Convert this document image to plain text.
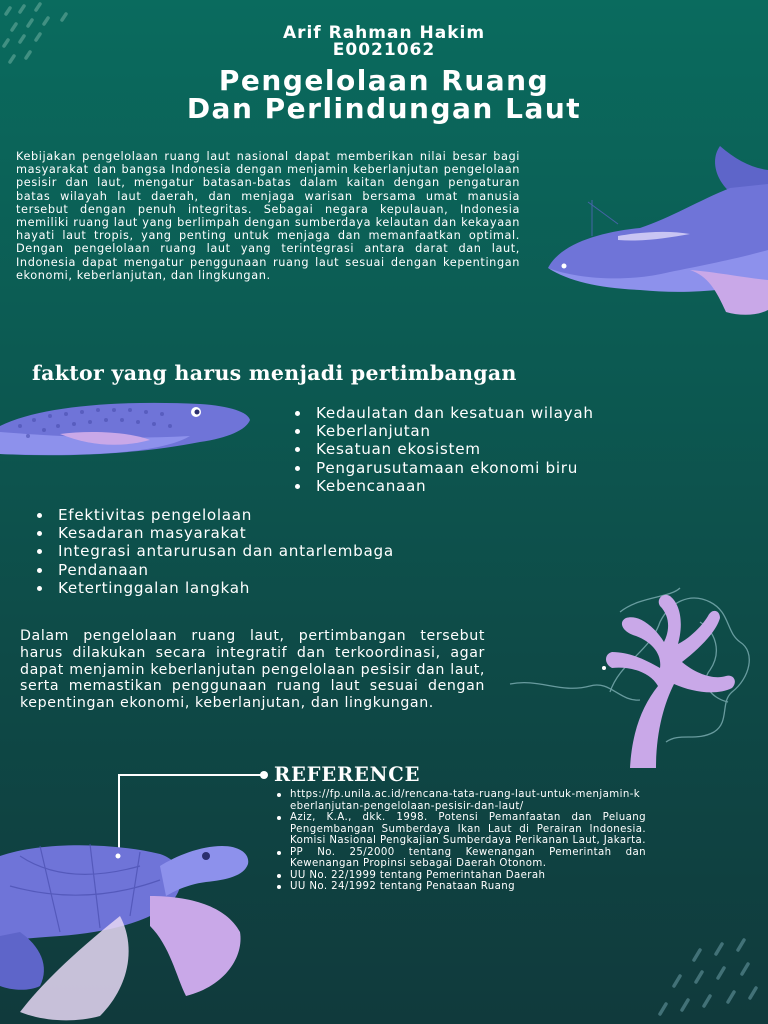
Arif Rahman Hakim
E0021062
Pengelolaan Ruang
Dan Perlindungan Laut
Kebijakan pengelolaan ruang laut nasional dapat memberikan nilai besar bagi masyarakat dan bangsa Indonesia dengan menjamin keberlanjutan pengelolaan pesisir dan laut, mengatur batasan-batas dalam kaitan dengan pengaturan batas wilayah laut daerah, dan menjaga warisan bersama umat manusia tersebut dengan penuh integritas. Sebagai negara kepulauan, Indonesia memiliki ruang laut yang berlimpah dengan sumberdaya kelautan dan kekayaan hayati laut tropis, yang penting untuk menjaga dan memanfaatkan optimal. Dengan pengelolaan ruang laut yang terintegrasi antara darat dan laut, Indonesia dapat mengatur penggunaan ruang laut sesuai dengan kepentingan ekonomi, keberlanjutan, dan lingkungan.
faktor yang harus menjadi pertimbangan
Kedaulatan dan kesatuan wilayah
Keberlanjutan
Kesatuan ekosistem
Pengarusutamaan ekonomi biru
Kebencanaan
Efektivitas pengelolaan
Kesadaran masyarakat
Integrasi antarurusan dan antarlembaga
Pendanaan
Ketertinggalan langkah
Dalam pengelolaan ruang laut, pertimbangan tersebut harus dilakukan secara integratif dan terkoordinasi, agar dapat menjamin keberlanjutan pengelolaan pesisir dan laut, serta memastikan penggunaan ruang laut sesuai dengan kepentingan ekonomi, keberlanjutan, dan lingkungan.
REFERENCE
https://fp.unila.ac.id/rencana-tata-ruang-laut-untuk-menjamin-keberlanjutan-pengelolaan-pesisir-dan-laut/
Aziz, K.A., dkk. 1998. Potensi Pemanfaatan dan Peluang Pengembangan Sumberdaya Ikan Laut di Perairan Indonesia. Komisi Nasional Pengkajian Sumberdaya Perikanan Laut, Jakarta.
PP No. 25/2000 tentang Kewenangan Pemerintah dan Kewenangan Propinsi sebagai Daerah Otonom.
UU No. 22/1999 tentang Pemerintahan Daerah
UU No. 24/1992 tentang Penataan Ruang
